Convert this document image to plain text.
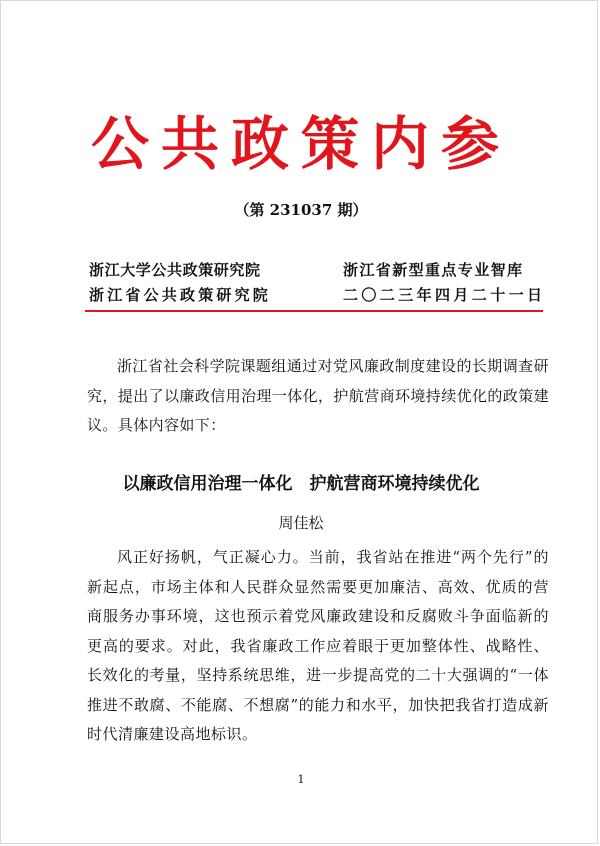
公共政策内参
（第 231037 期）
浙江大学公共政策研究院
浙江省公共政策研究院
浙江省新型重点专业智库
二〇二三年四月二十一日

浙江省社会科学院课题组通过对党风廉政制度建设的长期调查研究，提出了以廉政信用治理一体化，护航营商环境持续优化的政策建议。具体内容如下：

以廉政信用治理一体化　护航营商环境持续优化
周佳松

风正好扬帆，气正凝心力。当前，我省站在推进“两个先行”的新起点，市场主体和人民群众显然需要更加廉洁、高效、优质的营商服务办事环境，这也预示着党风廉政建设和反腐败斗争面临新的更高的要求。对此，我省廉政工作应着眼于更加整体性、战略性、长效化的考量，坚持系统思维，进一步提高党的二十大强调的“一体推进不敢腐、不能腐、不想腐”的能力和水平，加快把我省打造成新时代清廉建设高地标识。

1
